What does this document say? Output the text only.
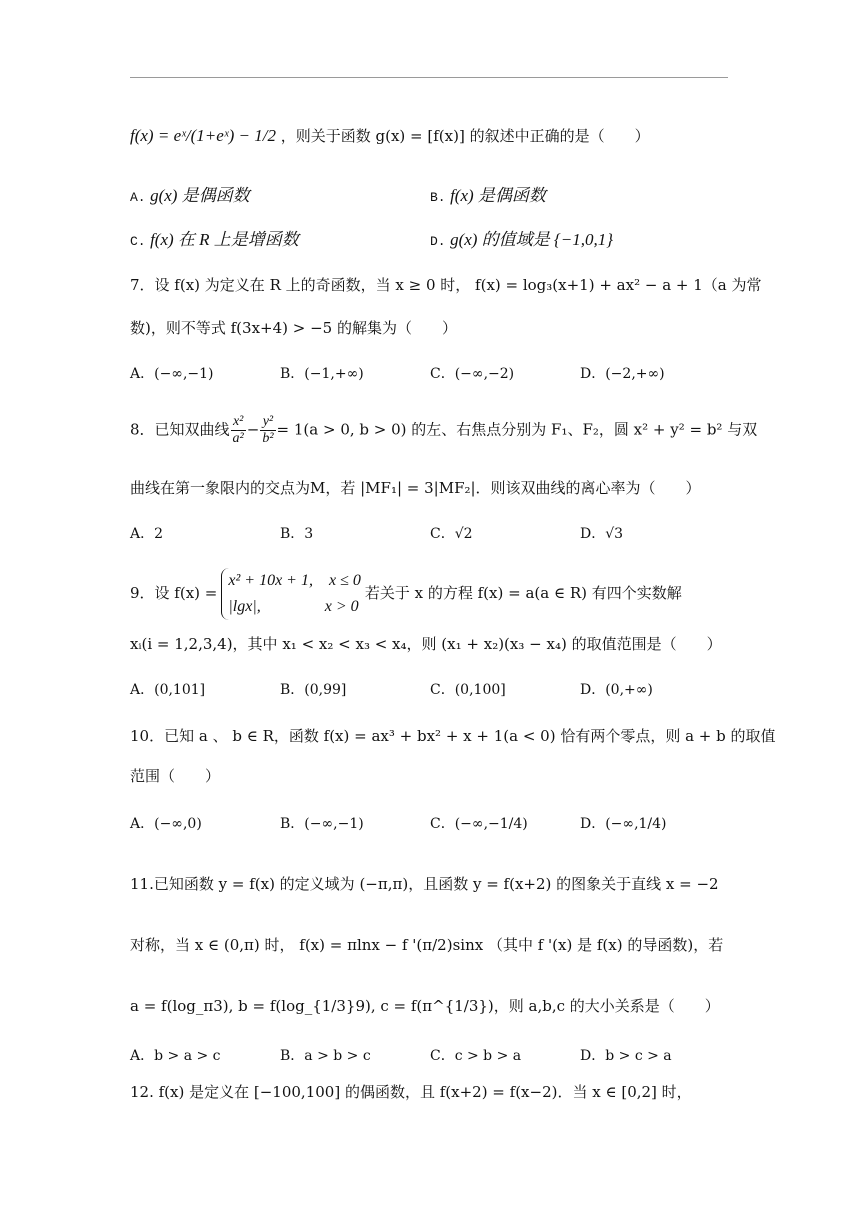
f(x) = eˣ/(1+eˣ) − 1/2 ，则关于函数 g(x) = [f(x)] 的叙述中正确的是（　　）
A. g(x) 是偶函数	B. f(x) 是偶函数
C. f(x) 在 R 上是增函数	D. g(x) 的值域是 {−1,0,1}
7．设 f(x) 为定义在 R 上的奇函数，当 x ≥ 0 时， f(x) = log₃(x+1) + ax² − a + 1（a 为常
数)，则不等式 f(3x+4) > −5 的解集为（　　）
A．(−∞,−1)	B．(−1,+∞)	C．(−∞,−2)	D．(−2,+∞)
8．已知双曲线 $\frac{\text{x²}}{\text{a²}} - \frac{\text{y²}}{\text{b²}} = 1(a > 0$, b > 0) 的左、右焦点分别为 F₁、F₂，圆 x² + y² = b² 与双
曲线在第一象限内的交点为M，若 |MF₁| = 3|MF₂|．则该双曲线的离心率为（　　）
A．2	B．3	C．√2	D．√3
9．设 f(x) =
x² + 10x + 1,　x ≤ 0
|lgx|,　　　　x > 0
若关于 x 的方程 f(x) = a(a ∈ R) 有四个实数解
xᵢ(i = 1,2,3,4)，其中 x₁ < x₂ < x₃ < x₄，则 (x₁ + x₂)(x₃ − x₄) 的取值范围是（　　）
A．(0,101]	B．(0,99]	C．(0,100]	D．(0,+∞)
10．已知 a 、 b ∈ R，函数 f(x) = ax³ + bx² + x + 1(a < 0) 恰有两个零点，则 a + b 的取值
范围（　　）
A．(−∞,0)	B．(−∞,−1)	C．(−∞,−1/4)	D．(−∞,1/4)
11.已知函数 y = f(x) 的定义域为 (−π,π)，且函数 y = f(x+2) 的图象关于直线 x = −2
对称，当 x ∈ (0,π) 时， f(x) = πlnx − f '(π/2)sinx （其中 f '(x) 是 f(x) 的导函数)，若
a = f(log_π3), b = f(log_{1/3}9), c = f(π^{1/3})，则 a,b,c 的大小关系是（　　）
A．b > a > c	B．a > b > c	C．c > b > a	D．b > c > a
12. f(x) 是定义在 [−100,100] 的偶函数，且 f(x+2) = f(x−2)．当 x ∈ [0,2] 时，
